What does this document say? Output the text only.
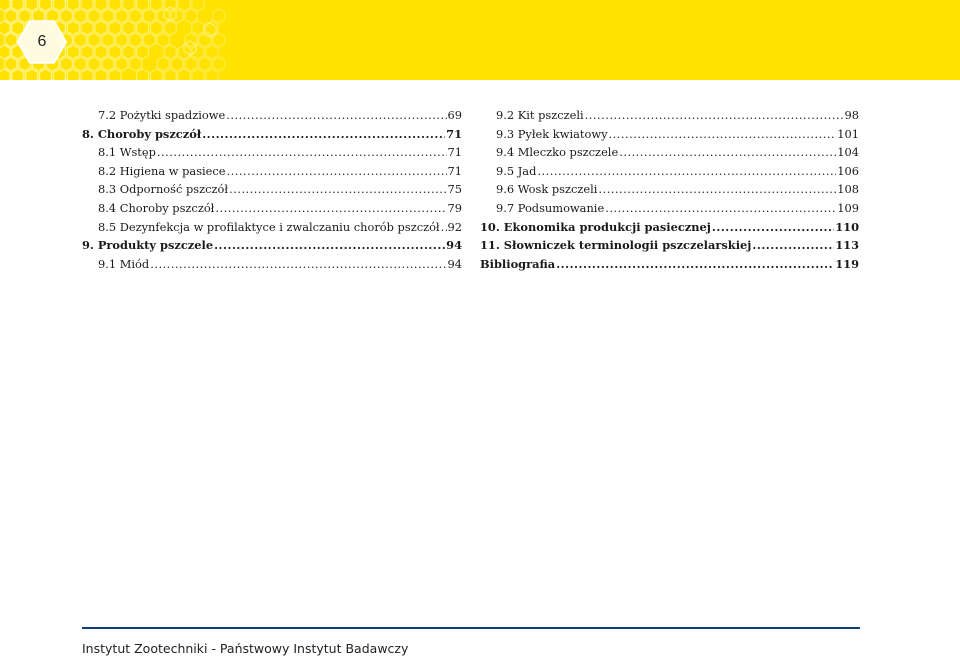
6
7.2 Pożytki spadziowe .....	69
8. Choroby pszczół .....	71
8.1 Wstęp .....	71
8.2 Higiena w pasiece .....	71
8.3 Odporność pszczół .....	75
8.4 Choroby pszczół .....	79
8.5 Dezynfekcja w profilaktyce i zwalczaniu chorób pszczół ..... 92
9. Produkty pszczele .....	94
9.1 Miód .....	94
9.2 Kit pszczeli .....	98
9.3 Pyłek kwiatowy .....	101
9.4 Mleczko pszczele .....	104
9.5 Jad .....	106
9.6 Wosk pszczeli .....	108
9.7 Podsumowanie .....	109
10. Ekonomika produkcji pasiecznej .....	110
11. Słowniczek terminologii pszczelarskiej .....	113
Bibliografia .....	119
Instytut Zootechniki - Państwowy Instytut Badawczy
